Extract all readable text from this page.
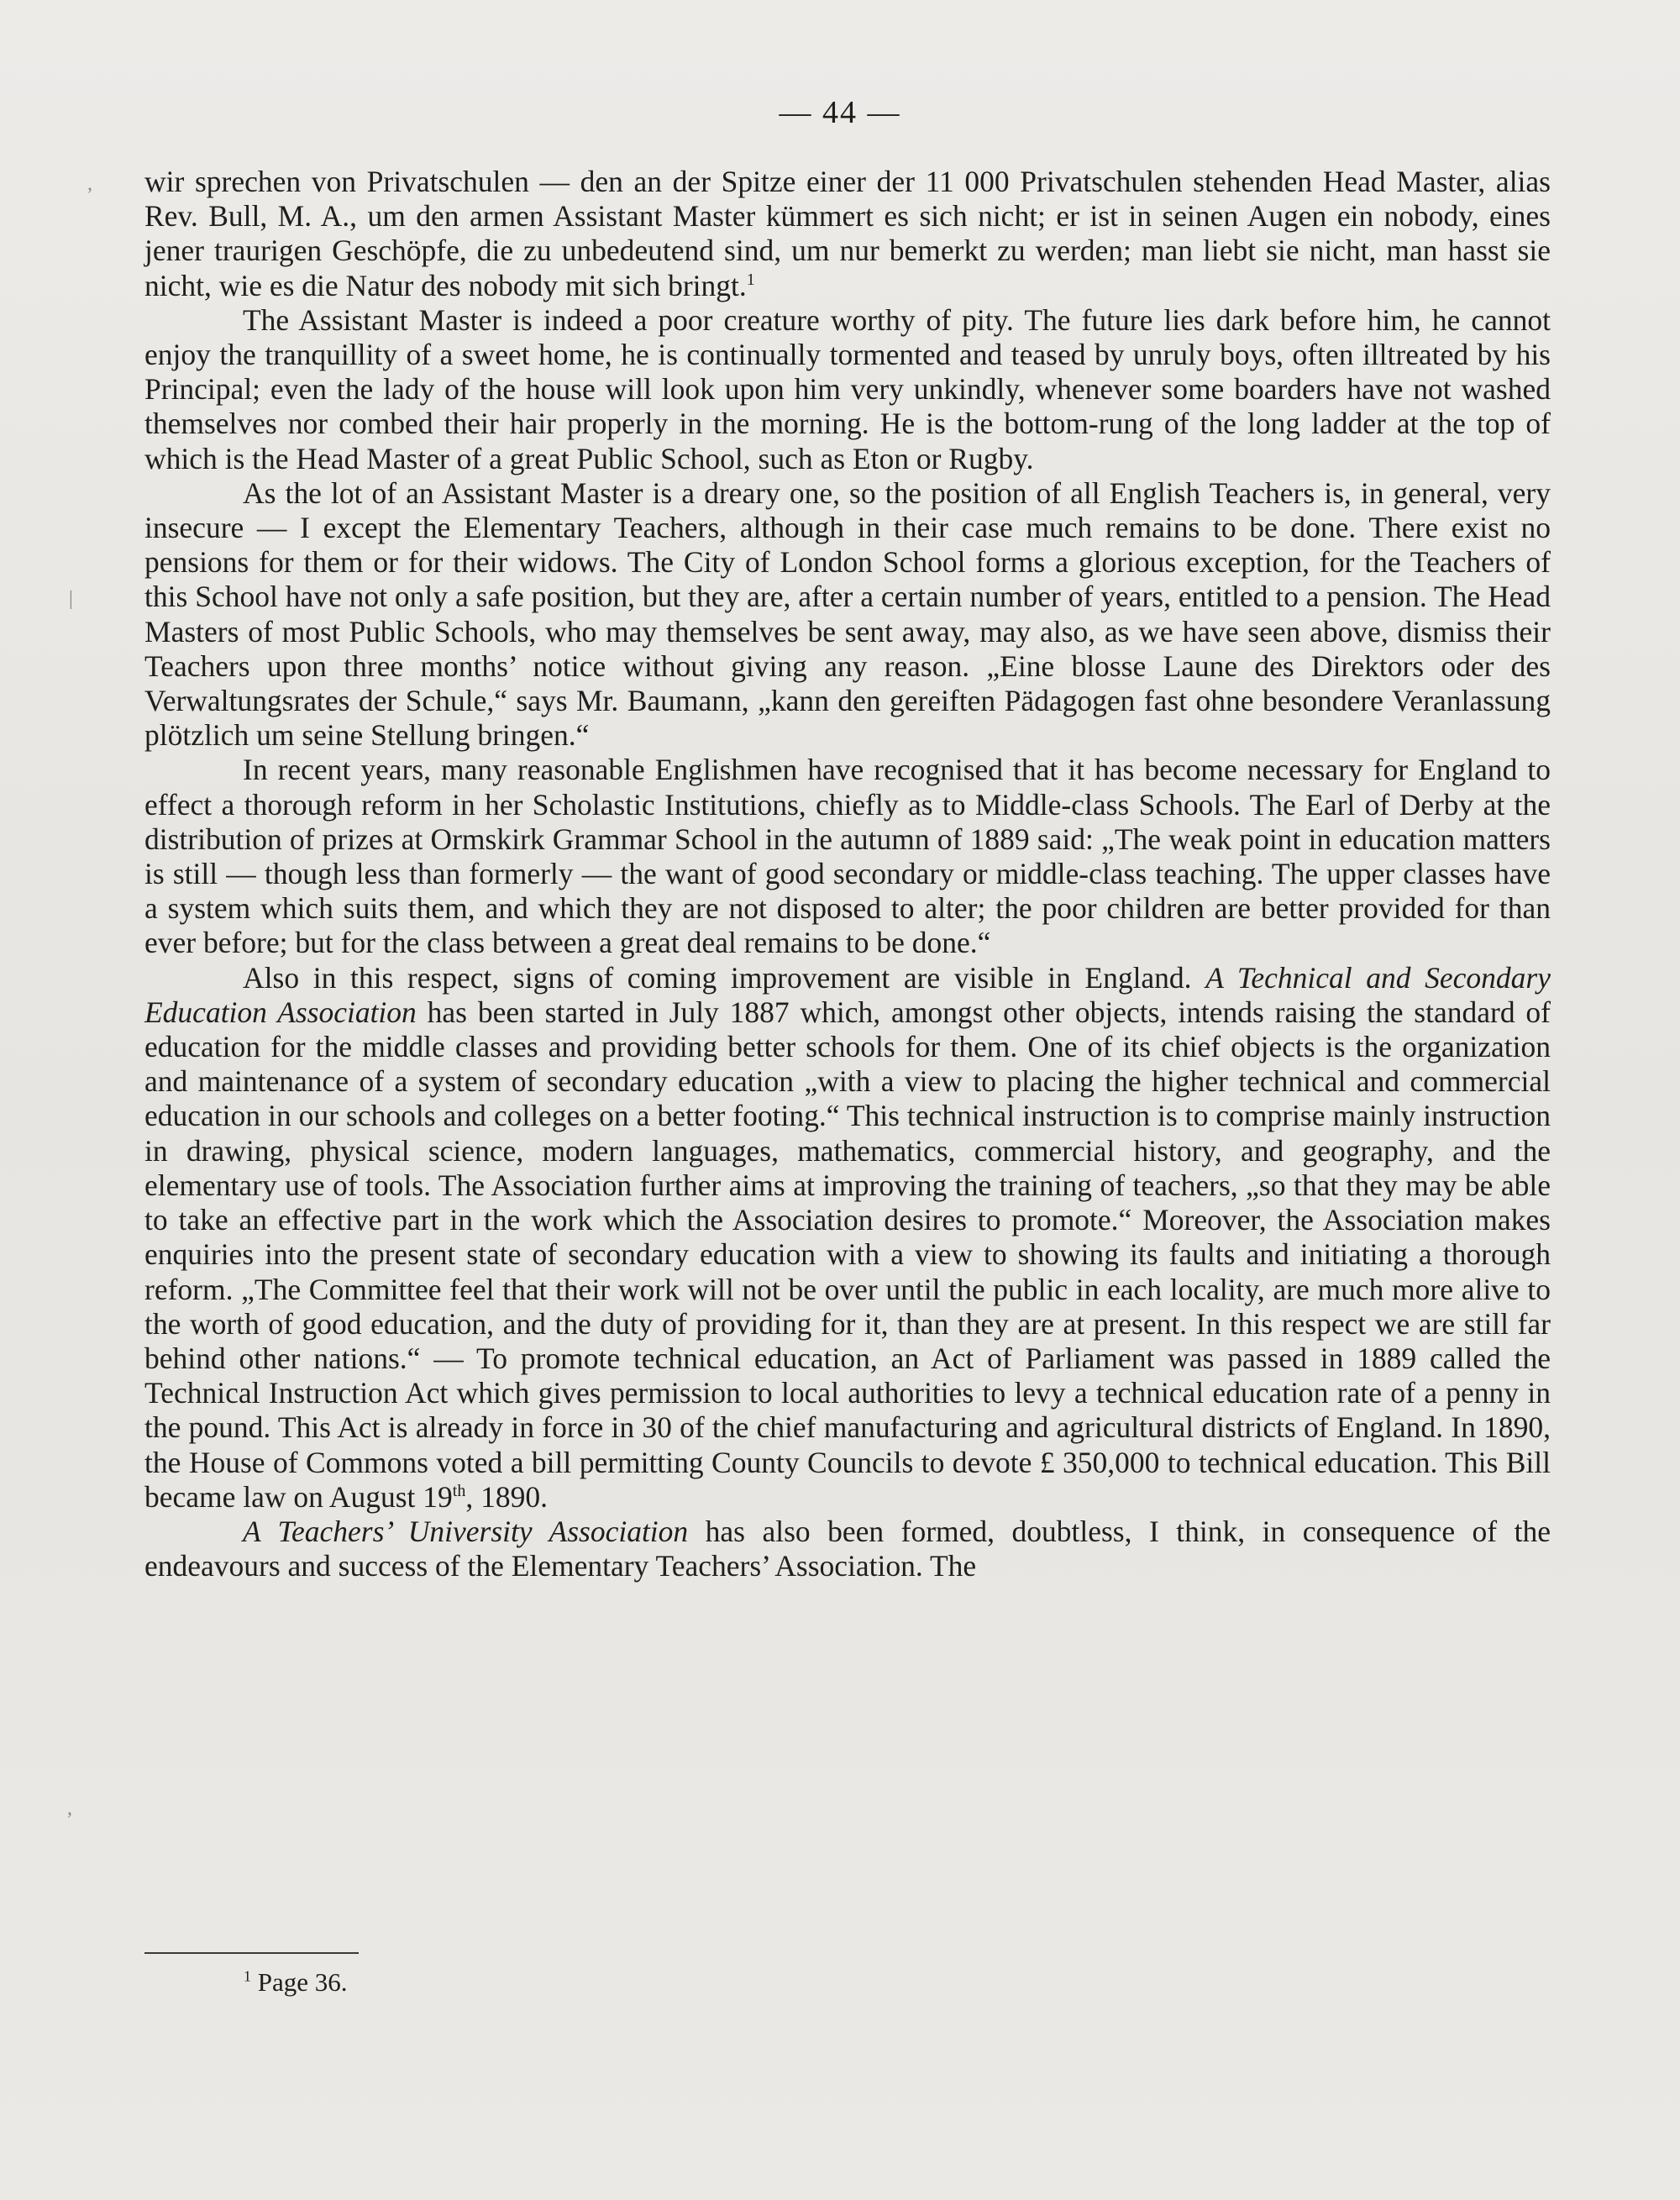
— 44 —

wir sprechen von Privatschulen — den an der Spitze einer der 11 000 Privatschulen stehenden Head Master, alias Rev. Bull, M. A., um den armen Assistant Master kümmert es sich nicht; er ist in seinen Augen ein nobody, eines jener traurigen Geschöpfe, die zu unbedeutend sind, um nur bemerkt zu werden; man liebt sie nicht, man hasst sie nicht, wie es die Natur des nobody mit sich bringt.$^1$

The Assistant Master is indeed a poor creature worthy of pity. The future lies dark before him, he cannot enjoy the tranquillity of a sweet home, he is continually tormented and teased by unruly boys, often illtreated by his Principal; even the lady of the house will look upon him very unkindly, whenever some boarders have not washed themselves nor combed their hair properly in the morning. He is the bottom-rung of the long ladder at the top of which is the Head Master of a great Public School, such as Eton or Rugby.

As the lot of an Assistant Master is a dreary one, so the position of all English Teachers is, in general, very insecure — I except the Elementary Teachers, although in their case much remains to be done. There exist no pensions for them or for their widows. The City of London School forms a glorious exception, for the Teachers of this School have not only a safe position, but they are, after a certain number of years, entitled to a pension. The Head Masters of most Public Schools, who may themselves be sent away, may also, as we have seen above, dismiss their Teachers upon three months’ notice without giving any reason. „Eine blosse Laune des Direktors oder des Verwaltungsrates der Schule,“ says Mr. Baumann, „kann den gereiften Pädagogen fast ohne besondere Veranlassung plötzlich um seine Stellung bringen.“

In recent years, many reasonable Englishmen have recognised that it has become necessary for England to effect a thorough reform in her Scholastic Institutions, chiefly as to Middle-class Schools. The Earl of Derby at the distribution of prizes at Ormskirk Grammar School in the autumn of 1889 said: „The weak point in education matters is still — though less than formerly — the want of good secondary or middle-class teaching. The upper classes have a system which suits them, and which they are not disposed to alter; the poor children are better provided for than ever before; but for the class between a great deal remains to be done.“

Also in this respect, signs of coming improvement are visible in England. A Technical and Secondary Education Association has been started in July 1887 which, amongst other objects, intends raising the standard of education for the middle classes and providing better schools for them. One of its chief objects is the organization and maintenance of a system of secondary education „with a view to placing the higher technical and commercial education in our schools and colleges on a better footing.“ This technical instruction is to comprise mainly instruction in drawing, physical science, modern languages, mathematics, commercial history, and geography, and the elementary use of tools. The Association further aims at improving the training of teachers, „so that they may be able to take an effective part in the work which the Association desires to promote.“ Moreover, the Association makes enquiries into the present state of secondary education with a view to showing its faults and initiating a thorough reform. „The Committee feel that their work will not be over until the public in each locality, are much more alive to the worth of good education, and the duty of providing for it, than they are at present. In this respect we are still far behind other nations.“ — To promote technical education, an Act of Parliament was passed in 1889 called the Technical Instruction Act which gives permission to local authorities to levy a technical education rate of a penny in the pound. This Act is already in force in 30 of the chief manufacturing and agricultural districts of England. In 1890, the House of Commons voted a bill permitting County Councils to devote £ 350,000 to technical education. This Bill became law on August 19th, 1890.

A Teachers’ University Association has also been formed, doubtless, I think, in consequence of the endeavours and success of the Elementary Teachers’ Association. The

$^1$ Page 36.
,
|
,
